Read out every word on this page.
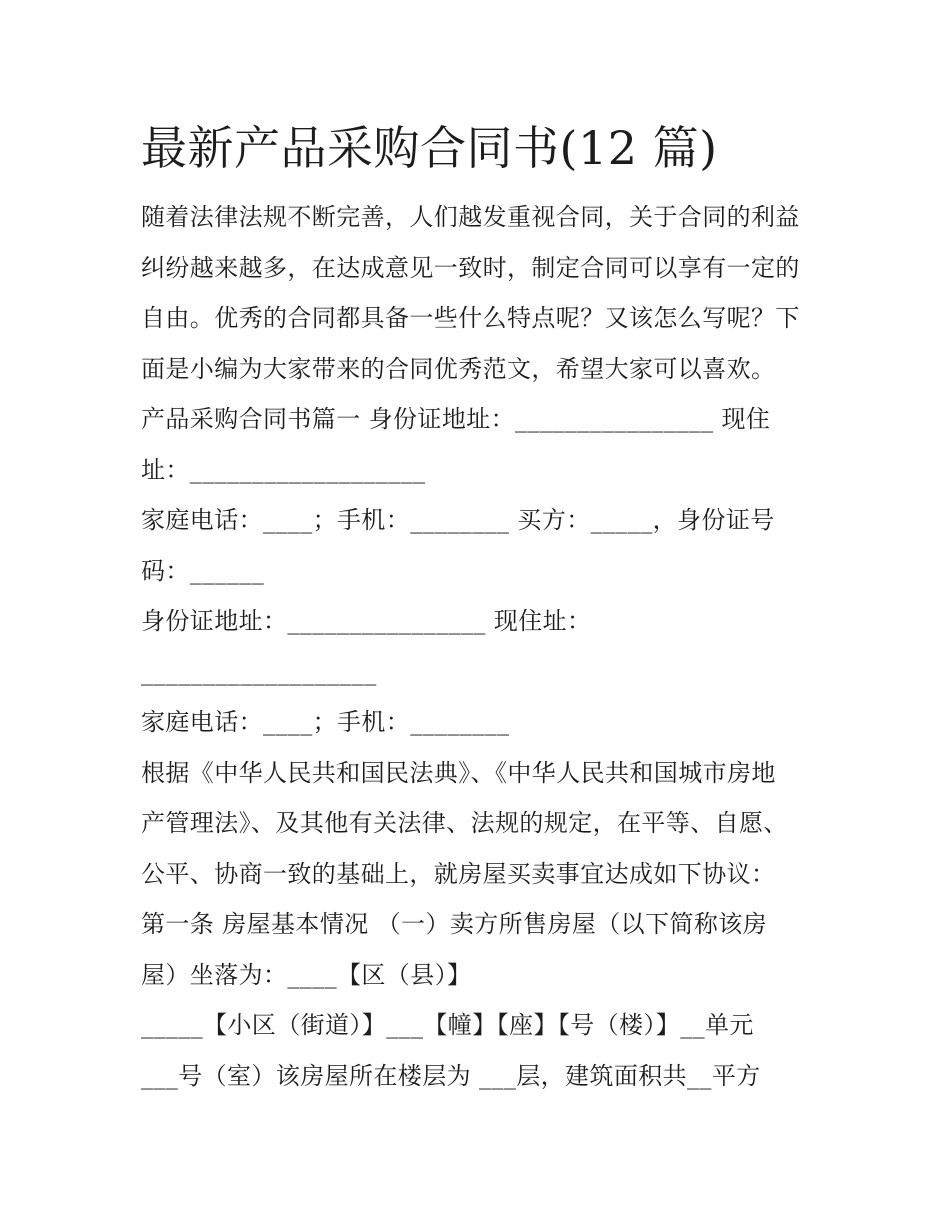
最新产品采购合同书(12 篇)
随着法律法规不断完善，人们越发重视合同，关于合同的利益
纠纷越来越多，在达成意见一致时，制定合同可以享有一定的
自由。优秀的合同都具备一些什么特点呢？又该怎么写呢？下
面是小编为大家带来的合同优秀范文，希望大家可以喜欢。
产品采购合同书篇一 身份证地址：________________ 现住
址：___________________
家庭电话：____；手机：________ 买方：_____，身份证号
码：______
身份证地址：________________ 现住址：
___________________
家庭电话：____；手机：________
根据《中华人民共和国民法典》、《中华人民共和国城市房地
产管理法》、及其他有关法律、法规的规定，在平等、自愿、
公平、协商一致的基础上，就房屋买卖事宜达成如下协议：
第一条 房屋基本情况 （一）卖方所售房屋（以下简称该房
屋）坐落为：____【区（县）】
_____【小区（街道）】___【幢】【座】【号（楼）】__单元
___号（室）该房屋所在楼层为 ___层，建筑面积共__平方
